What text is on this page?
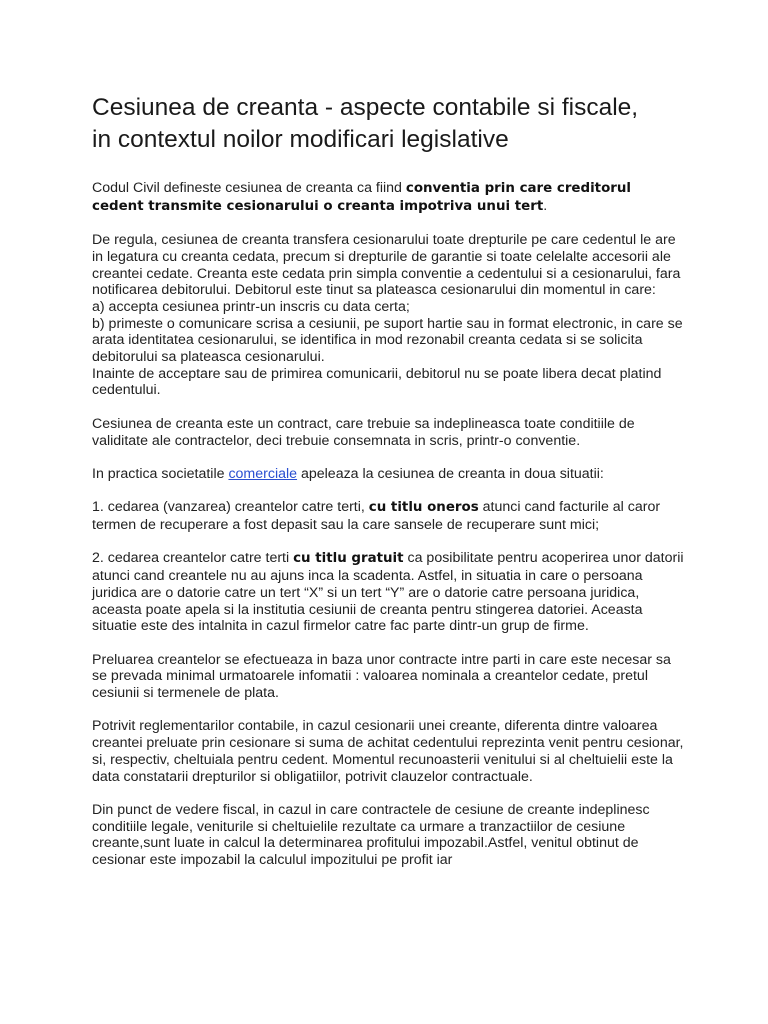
Cesiunea de creanta - aspecte contabile si fiscale,
in contextul noilor modificari legislative

Codul Civil defineste cesiunea de creanta ca fiind conventia prin care creditorul cedent transmite cesionarului o creanta impotriva unui tert.

De regula, cesiunea de creanta transfera cesionarului toate drepturile pe care cedentul le are in legatura cu creanta cedata, precum si drepturile de garantie si toate celelalte accesorii ale creantei cedate. Creanta este cedata prin simpla conventie a cedentului si a cesionarului, fara notificarea debitorului. Debitorul este tinut sa plateasca cesionarului din momentul in care:
a) accepta cesiunea printr-un inscris cu data certa;
b) primeste o comunicare scrisa a cesiunii, pe suport hartie sau in format electronic, in care se arata identitatea cesionarului, se identifica in mod rezonabil creanta cedata si se solicita debitorului sa plateasca cesionarului.
Inainte de acceptare sau de primirea comunicarii, debitorul nu se poate libera decat platind cedentului.

Cesiunea de creanta este un contract, care trebuie sa indeplineasca toate conditiile de validitate ale contractelor, deci trebuie consemnata in scris, printr-o conventie.

In practica societatile comerciale apeleaza la cesiunea de creanta in doua situatii:

1. cedarea (vanzarea) creantelor catre terti, cu titlu oneros atunci cand facturile al caror termen de recuperare a fost depasit sau la care sansele de recuperare sunt mici;

2. cedarea creantelor catre terti cu titlu gratuit ca posibilitate pentru acoperirea unor datorii atunci cand creantele nu au ajuns inca la scadenta. Astfel, in situatia in care o persoana juridica are o datorie catre un tert “X” si un tert “Y” are o datorie catre persoana juridica, aceasta poate apela si la institutia cesiunii de creanta pentru stingerea datoriei. Aceasta situatie este des intalnita in cazul firmelor catre fac parte dintr-un grup de firme.

Preluarea creantelor se efectueaza in baza unor contracte intre parti in care este necesar sa se prevada minimal urmatoarele infomatii : valoarea nominala a creantelor cedate, pretul cesiunii si termenele de plata.

Potrivit reglementarilor contabile, in cazul cesionarii unei creante, diferenta dintre valoarea creantei preluate prin cesionare si suma de achitat cedentului reprezinta venit pentru cesionar, si, respectiv, cheltuiala pentru cedent. Momentul recunoasterii venitului si al cheltuielii este la data constatarii drepturilor si obligatiilor, potrivit clauzelor contractuale.

Din punct de vedere fiscal, in cazul in care contractele de cesiune de creante indeplinesc conditiile legale, veniturile si cheltuielile rezultate ca urmare a tranzactiilor de cesiune creante,sunt luate in calcul la determinarea profitului impozabil.Astfel, venitul obtinut de cesionar este impozabil la calculul impozitului pe profit iar
